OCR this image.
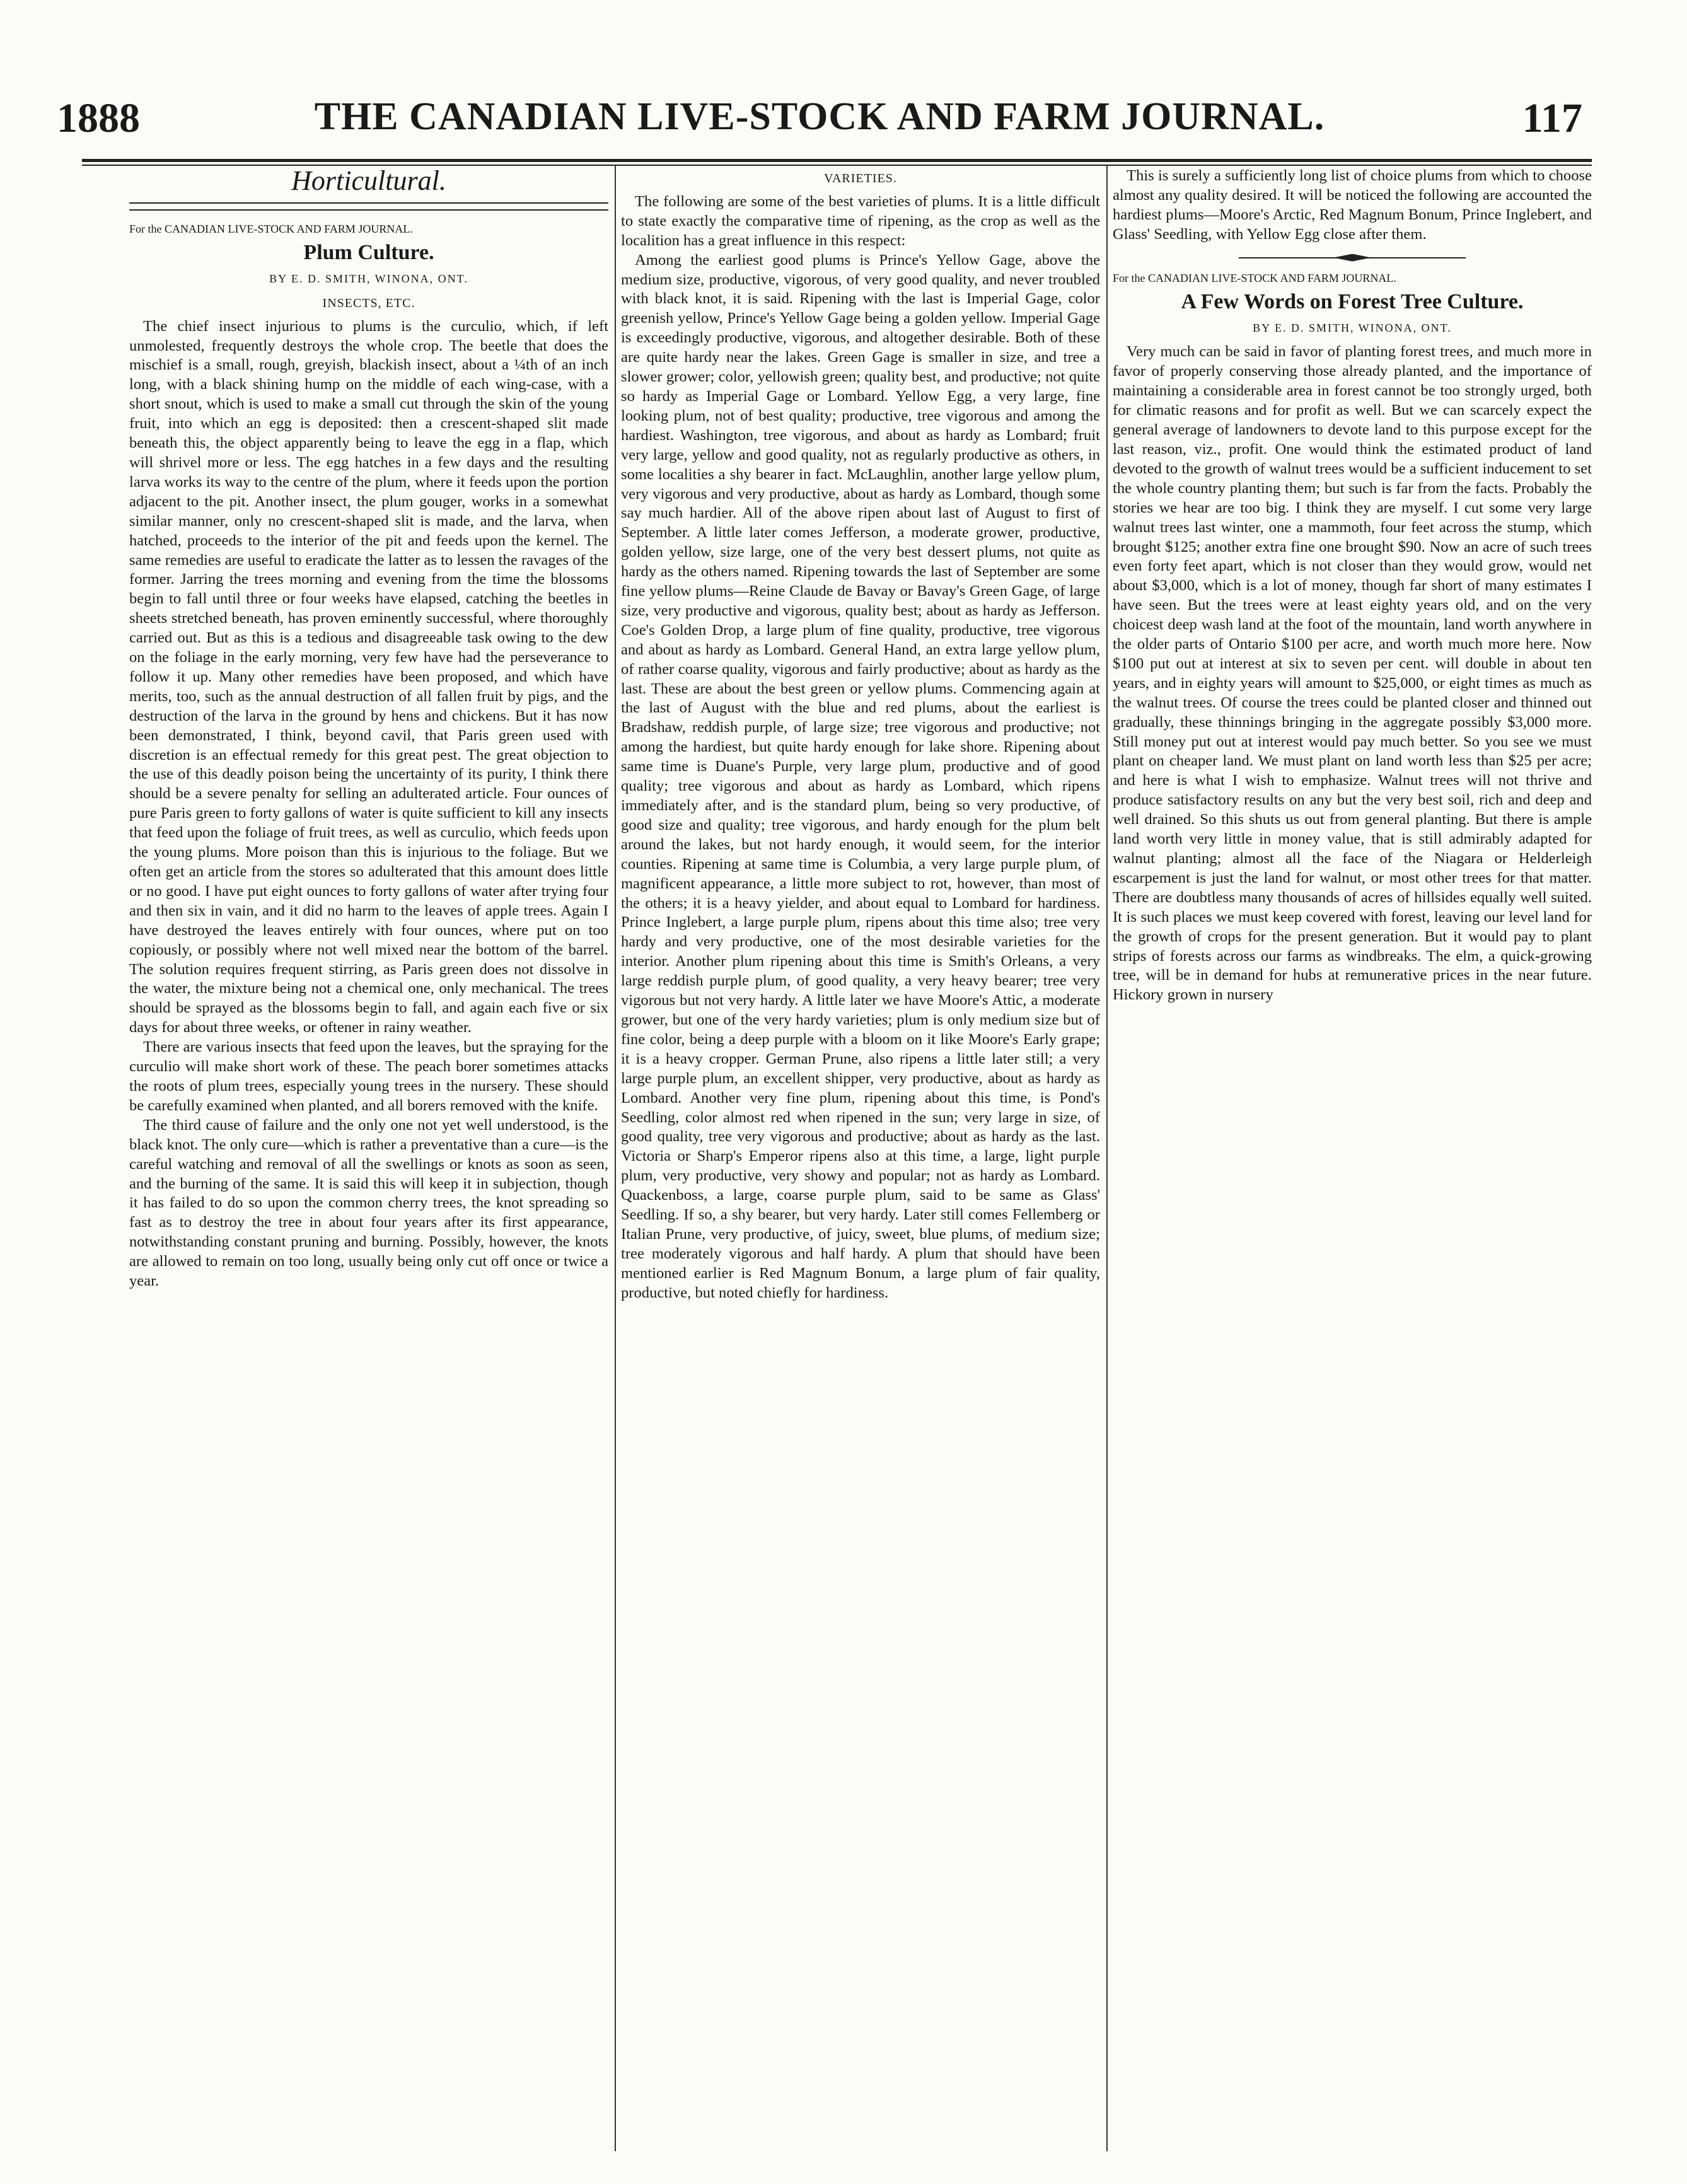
1888	THE CANADIAN LIVE-STOCK AND FARM JOURNAL.	117
Horticultural.
For the CANADIAN LIVE-STOCK AND FARM JOURNAL.
Plum Culture.
BY E. D. SMITH, WINONA, ONT.
INSECTS, ETC.

The chief insect injurious to plums is the curculio, which, if left unmolested, frequently destroys the whole crop. The beetle that does the mischief is a small, rough, greyish, blackish insect, about a ¼th of an inch long, with a black shining hump on the middle of each wing-case, with a short snout, which is used to make a small cut through the skin of the young fruit, into which an egg is deposited: then a crescent-shaped slit made beneath this, the object apparently being to leave the egg in a flap, which will shrivel more or less. The egg hatches in a few days and the resulting larva works its way to the centre of the plum, where it feeds upon the portion adjacent to the pit. Another insect, the plum gouger, works in a somewhat similar manner, only no crescent-shaped slit is made, and the larva, when hatched, proceeds to the interior of the pit and feeds upon the kernel. The same remedies are useful to eradicate the latter as to lessen the ravages of the former. Jarring the trees morning and evening from the time the blossoms begin to fall until three or four weeks have elapsed, catching the beetles in sheets stretched beneath, has proven eminently successful, where thoroughly carried out. But as this is a tedious and disagreeable task owing to the dew on the foliage in the early morning, very few have had the perseverance to follow it up. Many other remedies have been proposed, and which have merits, too, such as the annual destruction of all fallen fruit by pigs, and the destruction of the larva in the ground by hens and chickens. But it has now been demonstrated, I think, beyond cavil, that Paris green used with discretion is an effectual remedy for this great pest. The great objection to the use of this deadly poison being the uncertainty of its purity, I think there should be a severe penalty for selling an adulterated article. Four ounces of pure Paris green to forty gallons of water is quite sufficient to kill any insects that feed upon the foliage of fruit trees, as well as curculio, which feeds upon the young plums. More poison than this is injurious to the foliage. But we often get an article from the stores so adulterated that this amount does little or no good. I have put eight ounces to forty gallons of water after trying four and then six in vain, and it did no harm to the leaves of apple trees. Again I have destroyed the leaves entirely with four ounces, where put on too copiously, or possibly where not well mixed near the bottom of the barrel. The solution requires frequent stirring, as Paris green does not dissolve in the water, the mixture being not a chemical one, only mechanical. The trees should be sprayed as the blossoms begin to fall, and again each five or six days for about three weeks, or oftener in rainy weather.

There are various insects that feed upon the leaves, but the spraying for the curculio will make short work of these. The peach borer sometimes attacks the roots of plum trees, especially young trees in the nursery. These should be carefully examined when planted, and all borers removed with the knife.

The third cause of failure and the only one not yet well understood, is the black knot. The only cure—which is rather a preventative than a cure—is the careful watching and removal of all the swellings or knots as soon as seen, and the burning of the same. It is said this will keep it in subjection, though it has failed to do so upon the common cherry trees, the knot spreading so fast as to destroy the tree in about four years after its first appearance, notwithstanding constant pruning and burning. Possibly, however, the knots are allowed to remain on too long, usually being only cut off once or twice a year.

VARIETIES.

The following are some of the best varieties of plums. It is a little difficult to state exactly the comparative time of ripening, as the crop as well as the localition has a great influence in this respect:

Among the earliest good plums is Prince's Yellow Gage, above the medium size, productive, vigorous, of very good quality, and never troubled with black knot, it is said. Ripening with the last is Imperial Gage, color greenish yellow, Prince's Yellow Gage being a golden yellow. Imperial Gage is exceedingly productive, vigorous, and altogether desirable. Both of these are quite hardy near the lakes. Green Gage is smaller in size, and tree a slower grower; color, yellowish green; quality best, and productive; not quite so hardy as Imperial Gage or Lombard. Yellow Egg, a very large, fine looking plum, not of best quality; productive, tree vigorous and among the hardiest. Washington, tree vigorous, and about as hardy as Lombard; fruit very large, yellow and good quality, not as regularly productive as others, in some localities a shy bearer in fact. McLaughlin, another large yellow plum, very vigorous and very productive, about as hardy as Lombard, though some say much hardier. All of the above ripen about last of August to first of September. A little later comes Jefferson, a moderate grower, productive, golden yellow, size large, one of the very best dessert plums, not quite as hardy as the others named. Ripening towards the last of September are some fine yellow plums—Reine Claude de Bavay or Bavay's Green Gage, of large size, very productive and vigorous, quality best; about as hardy as Jefferson. Coe's Golden Drop, a large plum of fine quality, productive, tree vigorous and about as hardy as Lombard. General Hand, an extra large yellow plum, of rather coarse quality, vigorous and fairly productive; about as hardy as the last. These are about the best green or yellow plums. Commencing again at the last of August with the blue and red plums, about the earliest is Bradshaw, reddish purple, of large size; tree vigorous and productive; not among the hardiest, but quite hardy enough for lake shore. Ripening about same time is Duane's Purple, very large plum, productive and of good quality; tree vigorous and about as hardy as Lombard, which ripens immediately after, and is the standard plum, being so very productive, of good size and quality; tree vigorous, and hardy enough for the plum belt around the lakes, but not hardy enough, it would seem, for the interior counties. Ripening at same time is Columbia, a very large purple plum, of magnificent appearance, a little more subject to rot, however, than most of the others; it is a heavy yielder, and about equal to Lombard for hardiness. Prince Inglebert, a large purple plum, ripens about this time also; tree very hardy and very productive, one of the most desirable varieties for the interior. Another plum ripening about this time is Smith's Orleans, a very large reddish purple plum, of good quality, a very heavy bearer; tree very vigorous but not very hardy. A little later we have Moore's Attic, a moderate grower, but one of the very hardy varieties; plum is only medium size but of fine color, being a deep purple with a bloom on it like Moore's Early grape; it is a heavy cropper. German Prune, also ripens a little later still; a very large purple plum, an excellent shipper, very productive, about as hardy as Lombard. Another very fine plum, ripening about this time, is Pond's Seedling, color almost red when ripened in the sun; very large in size, of good quality, tree very vigorous and productive; about as hardy as the last. Victoria or Sharp's Emperor ripens also at this time, a large, light purple plum, very productive, very showy and popular; not as hardy as Lombard. Quackenboss, a large, coarse purple plum, said to be same as Glass' Seedling. If so, a shy bearer, but very hardy. Later still comes Fellemberg or Italian Prune, very productive, of juicy, sweet, blue plums, of medium size; tree moderately vigorous and half hardy. A plum that should have been mentioned earlier is Red Magnum Bonum, a large plum of fair quality, productive, but noted chiefly for hardiness.

This is surely a sufficiently long list of choice plums from which to choose almost any quality desired. It will be noticed the following are accounted the hardiest plums—Moore's Arctic, Red Magnum Bonum, Prince Inglebert, and Glass' Seedling, with Yellow Egg close after them.

For the CANADIAN LIVE-STOCK AND FARM JOURNAL.
A Few Words on Forest Tree Culture.
BY E. D. SMITH, WINONA, ONT.

Very much can be said in favor of planting forest trees, and much more in favor of properly conserving those already planted, and the importance of maintaining a considerable area in forest cannot be too strongly urged, both for climatic reasons and for profit as well. But we can scarcely expect the general average of landowners to devote land to this purpose except for the last reason, viz., profit. One would think the estimated product of land devoted to the growth of walnut trees would be a sufficient inducement to set the whole country planting them; but such is far from the facts. Probably the stories we hear are too big. I think they are myself. I cut some very large walnut trees last winter, one a mammoth, four feet across the stump, which brought $125; another extra fine one brought $90. Now an acre of such trees even forty feet apart, which is not closer than they would grow, would net about $3,000, which is a lot of money, though far short of many estimates I have seen. But the trees were at least eighty years old, and on the very choicest deep wash land at the foot of the mountain, land worth anywhere in the older parts of Ontario $100 per acre, and worth much more here. Now $100 put out at interest at six to seven per cent. will double in about ten years, and in eighty years will amount to $25,000, or eight times as much as the walnut trees. Of course the trees could be planted closer and thinned out gradually, these thinnings bringing in the aggregate possibly $3,000 more. Still money put out at interest would pay much better. So you see we must plant on cheaper land. We must plant on land worth less than $25 per acre; and here is what I wish to emphasize. Walnut trees will not thrive and produce satisfactory results on any but the very best soil, rich and deep and well drained. So this shuts us out from general planting. But there is ample land worth very little in money value, that is still admirably adapted for walnut planting; almost all the face of the Niagara or Helderleigh escarpement is just the land for walnut, or most other trees for that matter. There are doubtless many thousands of acres of hillsides equally well suited. It is such places we must keep covered with forest, leaving our level land for the growth of crops for the present generation. But it would pay to plant strips of forests across our farms as windbreaks. The elm, a quick-growing tree, will be in demand for hubs at remunerative prices in the near future. Hickory grown in nursery
